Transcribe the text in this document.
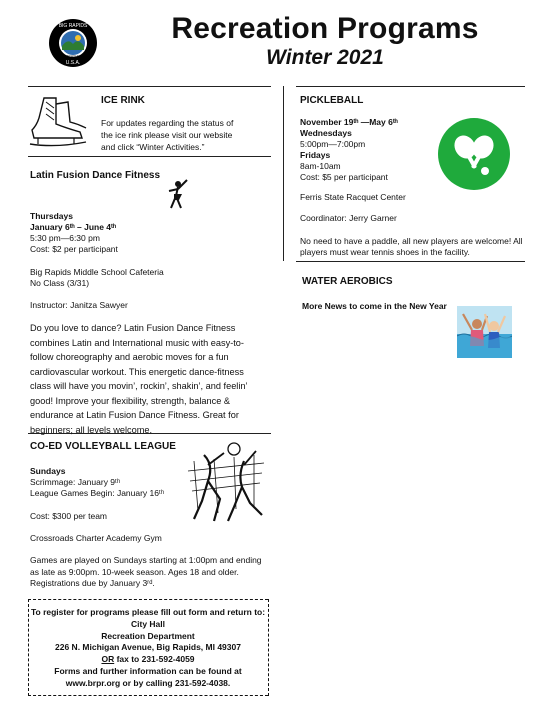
BIG RAPIDS
U.S.A.
MICHIGAN
Recreation Programs
Winter 2021
ICE RINK
For updates regarding the status of the ice rink please visit our website and click “Winter Activities.”
Latin Fusion Dance Fitness
Thursdays
January 6ᵗʰ – June 4ᵗʰ
5:30 pm—6:30 pm
Cost: $2 per participant
Big Rapids Middle School Cafeteria
No Class (3/31)
Instructor: Janitza Sawyer
Do you love to dance? Latin Fusion Dance Fitness combines Latin and International music with easy-to-follow choreography and aerobic moves for a fun cardiovascular workout. This energetic dance-fitness class will have you movin’, rockin’, shakin’, and feelin’ good! Improve your flexibility, strength, balance & endurance at Latin Fusion Dance Fitness. Great for beginners; all levels welcome.
CO-ED VOLLEYBALL LEAGUE
Sundays
Scrimmage: January 9ᵗʰ
League Games Begin: January 16ᵗʰ
Cost: $300 per team
Crossroads Charter Academy Gym
Games are played on Sundays starting at 1:00pm and ending as late as 9:00pm. 10-week season. Ages 18 and older. Registrations due by January 3ʳᵈ.
To register for programs please fill out form and return to:
City Hall
Recreation Department
226 N. Michigan Avenue, Big Rapids, MI 49307
OR fax to 231-592-4059
Forms and further information can be found at
www.brpr.org or by calling 231-592-4038.
PICKLEBALL
November 19ᵗʰ —May 6ᵗʰ
Wednesdays
5:00pm—7:00pm
Fridays
8am-10am
Cost: $5 per participant
Ferris State Racquet Center
Coordinator: Jerry Garner
No need to have a paddle, all new players are welcome! All players must wear tennis shoes in the facility.
WATER AEROBICS
More News to come in the New Year
